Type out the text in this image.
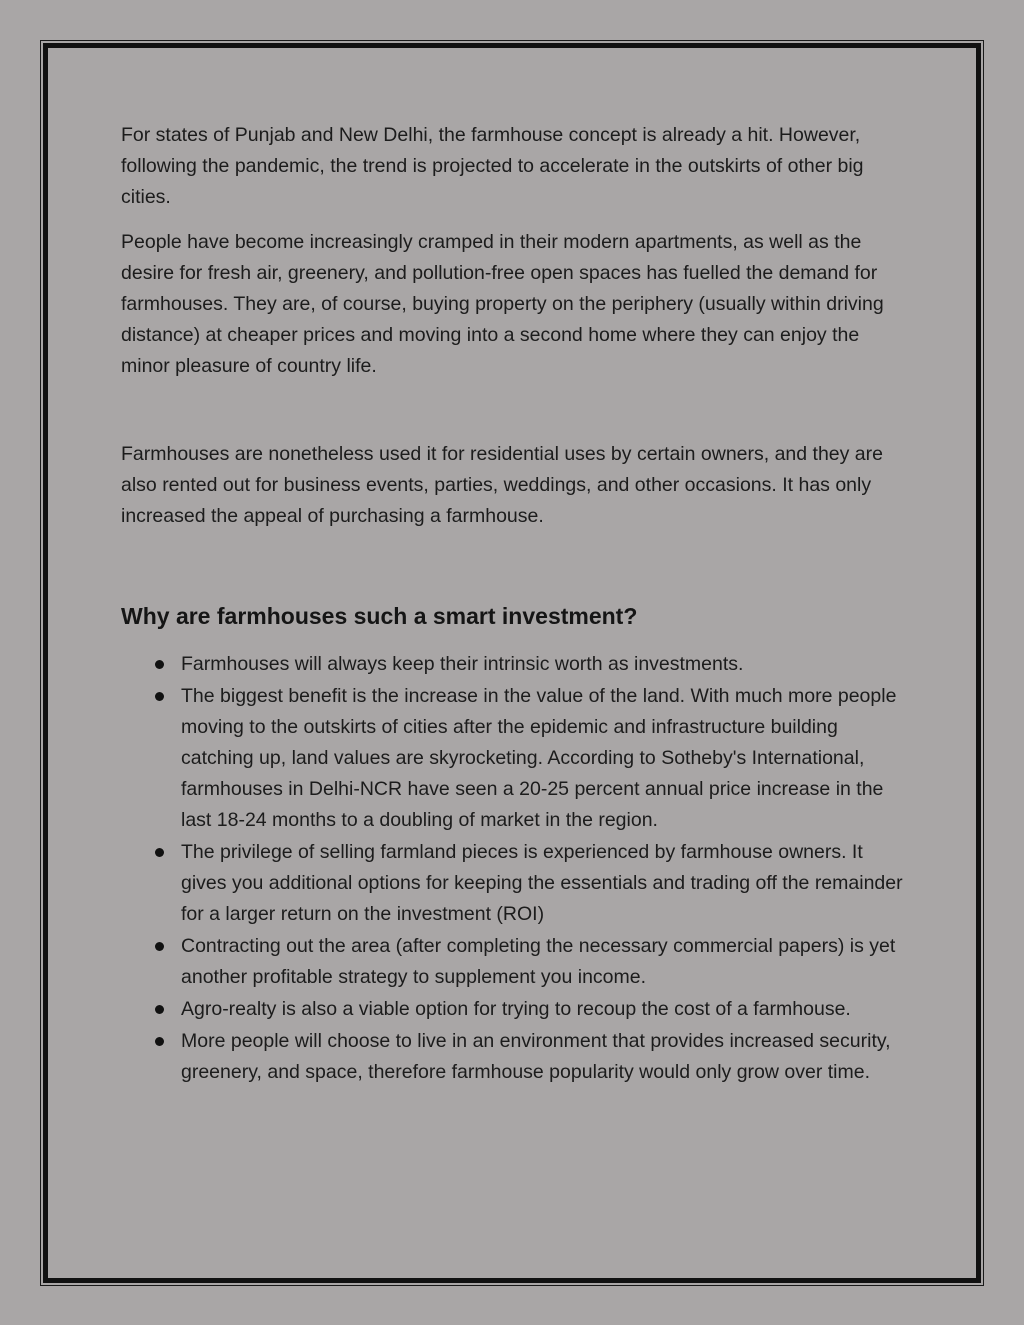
For states of Punjab and New Delhi, the farmhouse concept is already a hit. However, following the pandemic, the trend is projected to accelerate in the outskirts of other big cities.

People have become increasingly cramped in their modern apartments, as well as the desire for fresh air, greenery, and pollution-free open spaces has fuelled the demand for farmhouses. They are, of course, buying property on the periphery (usually within driving distance) at cheaper prices and moving into a second home where they can enjoy the minor pleasure of country life.

Farmhouses are nonetheless used it for residential uses by certain owners, and they are also rented out for business events, parties, weddings, and other occasions. It has only increased the appeal of purchasing a farmhouse.

Why are farmhouses such a smart investment?
Farmhouses will always keep their intrinsic worth as investments.
The biggest benefit is the increase in the value of the land. With much more people moving to the outskirts of cities after the epidemic and infrastructure building catching up, land values are skyrocketing. According to Sotheby's International, farmhouses in Delhi-NCR have seen a 20-25 percent annual price increase in the last 18-24 months to a doubling of market in the region.
The privilege of selling farmland pieces is experienced by farmhouse owners. It gives you additional options for keeping the essentials and trading off the remainder for a larger return on the investment (ROI)
Contracting out the area (after completing the necessary commercial papers) is yet another profitable strategy to supplement you income.
Agro-realty is also a viable option for trying to recoup the cost of a farmhouse.
More people will choose to live in an environment that provides increased security, greenery, and space, therefore farmhouse popularity would only grow over time.
